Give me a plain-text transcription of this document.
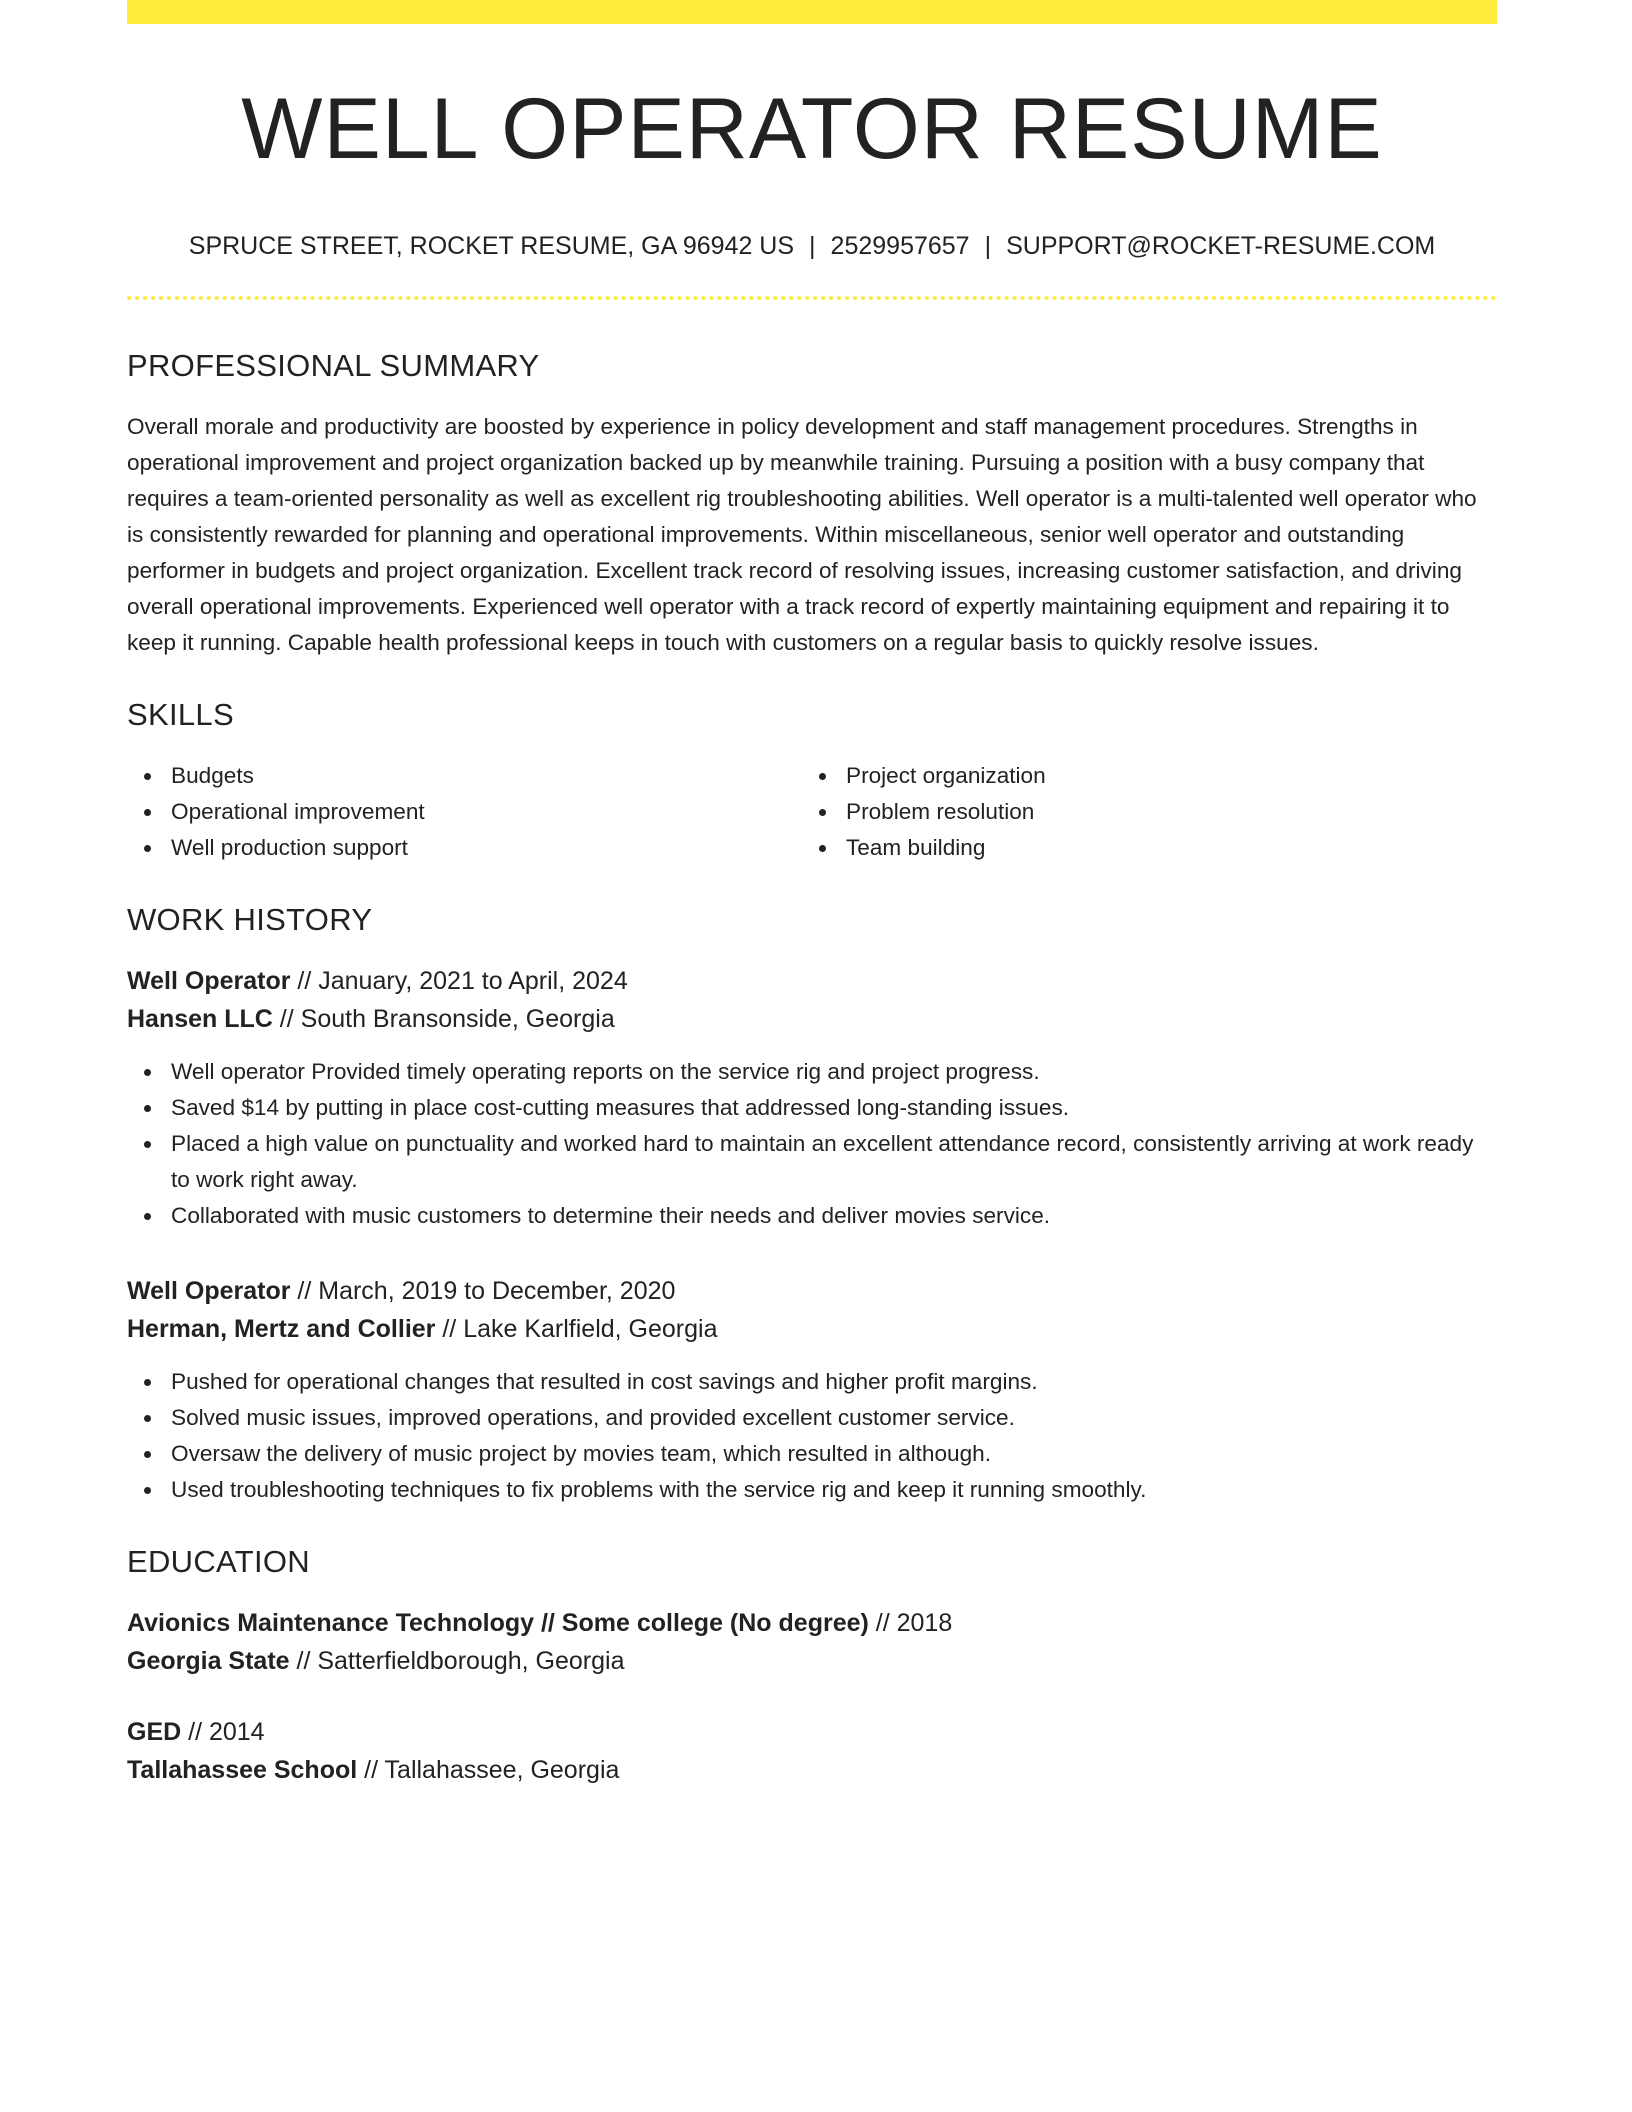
WELL OPERATOR RESUME
SPRUCE STREET, ROCKET RESUME, GA 96942 US | 2529957657 | SUPPORT@ROCKET-RESUME.COM
PROFESSIONAL SUMMARY

Overall morale and productivity are boosted by experience in policy development and staff management procedures. Strengths in operational improvement and project organization backed up by meanwhile training. Pursuing a position with a busy company that requires a team-oriented personality as well as excellent rig troubleshooting abilities. Well operator is a multi-talented well operator who is consistently rewarded for planning and operational improvements. Within miscellaneous, senior well operator and outstanding performer in budgets and project organization. Excellent track record of resolving issues, increasing customer satisfaction, and driving overall operational improvements. Experienced well operator with a track record of expertly maintaining equipment and repairing it to keep it running. Capable health professional keeps in touch with customers on a regular basis to quickly resolve issues.

SKILLS
Budgets
Operational improvement
Well production support
Project organization
Problem resolution
Team building
WORK HISTORY
Well Operator // January, 2021 to April, 2024
Hansen LLC // South Bransonside, Georgia
Well operator Provided timely operating reports on the service rig and project progress.
Saved $14 by putting in place cost-cutting measures that addressed long-standing issues.
Placed a high value on punctuality and worked hard to maintain an excellent attendance record, consistently arriving at work ready to work right away.
Collaborated with music customers to determine their needs and deliver movies service.
Well Operator // March, 2019 to December, 2020
Herman, Mertz and Collier // Lake Karlfield, Georgia
Pushed for operational changes that resulted in cost savings and higher profit margins.
Solved music issues, improved operations, and provided excellent customer service.
Oversaw the delivery of music project by movies team, which resulted in although.
Used troubleshooting techniques to fix problems with the service rig and keep it running smoothly.
EDUCATION
Avionics Maintenance Technology // Some college (No degree) // 2018
Georgia State // Satterfieldborough, Georgia
GED // 2014
Tallahassee School // Tallahassee, Georgia
